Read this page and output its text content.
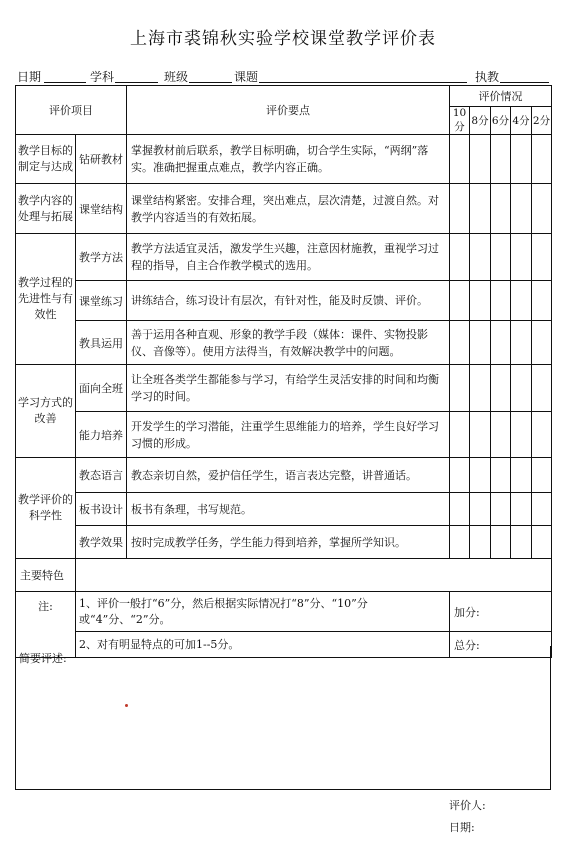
上海市裘锦秋实验学校课堂教学评价表
日期	学科	班级	课题	执教
评价项目		评价要点	评价情况				
			10分	8分	6分	4分	2分
教学目标的制定与达成	钻研教材	掌握教材前后联系，教学目标明确，切合学生实际，“两纲”落实。准确把握重点难点，教学内容正确。					
教学内容的处理与拓展	课堂结构	课堂结构紧密。安排合理，突出难点，层次清楚，过渡自然。对教学内容适当的有效拓展。					
教学过程的先进性与有效性	教学方法	教学方法适宜灵活，激发学生兴趣，注意因材施教，重视学习过程的指导，自主合作教学模式的选用。					
	课堂练习	讲练结合，练习设计有层次，有针对性，能及时反馈、评价。					
	教具运用	善于运用各种直观、形象的教学手段（媒体：课件、实物投影仪、音像等）。使用方法得当，有效解决教学中的问题。					
学习方式的改善	面向全班	让全班各类学生都能参与学习，有给学生灵活安排的时间和均衡学习的时间。					
	能力培养	开发学生的学习潜能，注重学生思维能力的培养，学生良好学习习惯的形成。					
教学评价的科学性	教态语言	教态亲切自然，爱护信任学生，语言表达完整，讲普通话。					
	板书设计	板书有条理，书写规范。					
	教学效果	按时完成教学任务，学生能力得到培养，掌握所学知识。					
主要特色							
注:	1、评价一般打“6”分，然后根据实际情况打“8”分、“10”分或“4”分、“2”分。		加分:				
	2、对有明显特点的可加1--5分。		总分:				
简要评述:
评价人:
日期:
